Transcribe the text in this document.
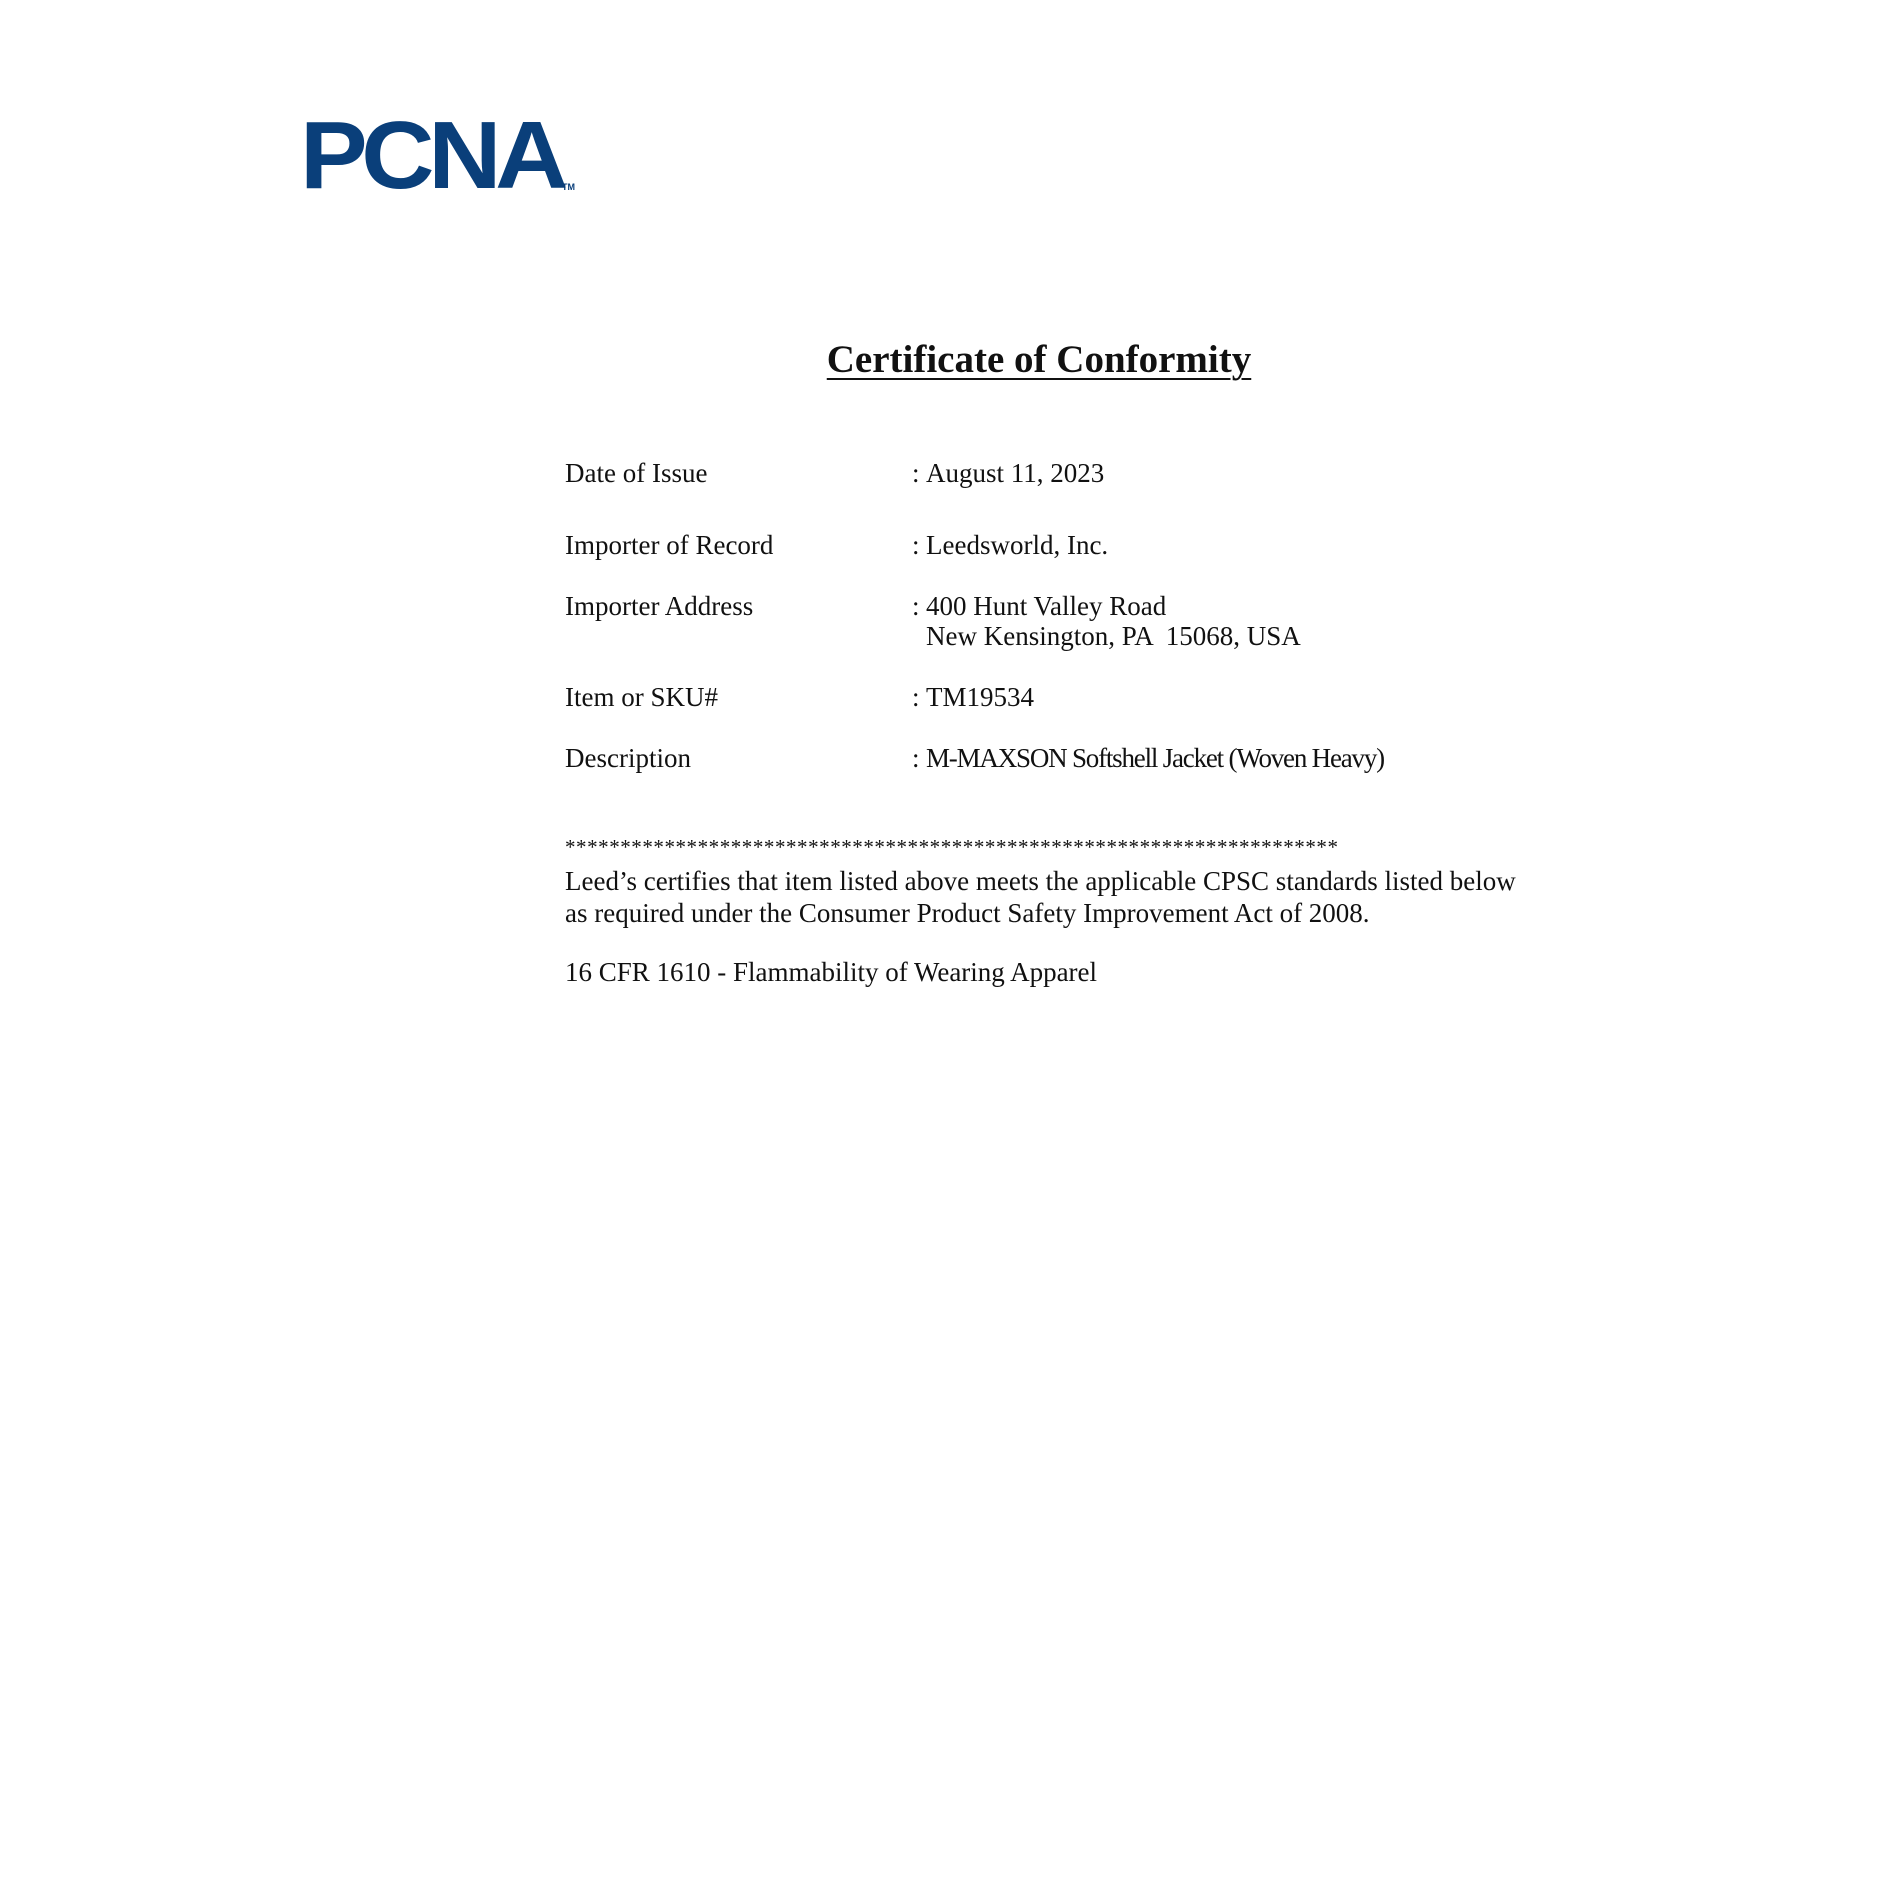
PCNA
TM
Certificate of Conformity
Date of Issue	: August 11, 2023
Importer of Record	: Leedsworld, Inc.
Importer Address	: 400 Hunt Valley Road
New Kensington, PA  15068, USA
Item or SKU#	: TM19534
Description	: M-MAXSON Softshell Jacket (Woven Heavy)
**********************************************************************
Leed’s certifies that item listed above meets the applicable CPSC standards listed below
as required under the Consumer Product Safety Improvement Act of 2008.
16 CFR 1610 - Flammability of Wearing Apparel
